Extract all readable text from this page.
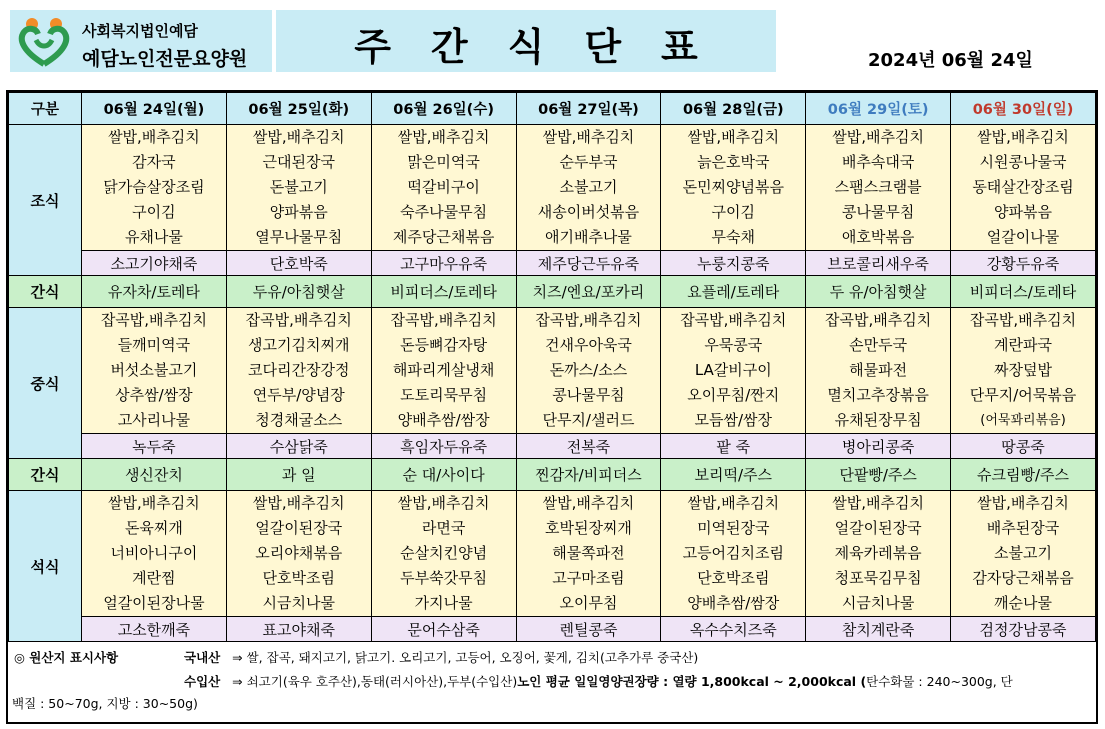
사회복지법인예담
예담노인전문요양원	주간식단표	2024년 06월 24일
구분	06월 24일(월)	06월 25일(화)	06월 26일(수)	06월 27일(목)	06월 28일(금)	06월 29일(토)	06월 30일(일)
조식	쌀밥,배추김치
감자국
닭가슴살장조림
구이김
유채나물	쌀밥,배추김치
근대된장국
돈불고기
양파볶음
열무나물무침	쌀밥,배추김치
맑은미역국
떡갈비구이
숙주나물무침
제주당근채볶음	쌀밥,배추김치
순두부국
소불고기
새송이버섯볶음
애기배추나물	쌀밥,배추김치
늙은호박국
돈민찌양념볶음
구이김
무숙채	쌀밥,배추김치
배추속대국
스팸스크램블
콩나물무침
애호박볶음	쌀밥,배추김치
시원콩나물국
동태살간장조림
양파볶음
얼갈이나물

	소고기야채죽	단호박죽	고구마우유죽	제주당근두유죽	누룽지콩죽	브로콜리새우죽	강황두유죽
간식	유자차/토레타	두유/아침햇살	비피더스/토레타	치즈/엔요/포카리	요플레/토레타	두 유/아침햇살	비피더스/토레타
중식	잡곡밥,배추김치
들깨미역국
버섯소불고기
상추쌈/쌈장
고사리나물	잡곡밥,배추김치
생고기김치찌개
코다리간장강정
연두부/양념장
청경채굴소스	잡곡밥,배추김치
돈등뼈감자탕
해파리게살냉채
도토리묵무침
양배추쌈/쌈장	잡곡밥,배추김치
건새우아욱국
돈까스/소스
콩나물무침
단무지/샐러드	잡곡밥,배추김치
우묵콩국
LA갈비구이
오이무침/짠지
모듬쌈/쌈장	잡곡밥,배추김치
손만두국
해물파전
멸치고추장볶음
유채된장무침	잡곡밥,배추김치
계란파국
짜장덮밥
단무지/어묵볶음
(어묵꽈리볶음)

	녹두죽	수삼닭죽	흑임자두유죽	전복죽	팥 죽	병아리콩죽	땅콩죽
간식	생신잔치	과 일	순 대/사이다	찐감자/비피더스	보리떡/주스	단팥빵/주스	슈크림빵/주스
석식	쌀밥,배추김치
돈육찌개
너비아니구이
계란찜
얼갈이된장나물	쌀밥,배추김치
얼갈이된장국
오리야채볶음
단호박조림
시금치나물	쌀밥,배추김치
라면국
순살치킨양념
두부쑥갓무침
가지나물	쌀밥,배추김치
호박된장찌개
해물쪽파전
고구마조림
오이무침	쌀밥,배추김치
미역된장국
고등어김치조림
단호박조림
양배추쌈/쌈장	쌀밥,배추김치
얼갈이된장국
제육카레볶음
청포묵김무침
시금치나물	쌀밥,배추김치
배추된장국
소불고기
감자당근채볶음
깨순나물

	고소한깨죽	표고야채죽	문어수삼죽	렌틸콩죽	옥수수치즈죽	참치계란죽	검정강남콩죽
◎ 원산지 표시사항	국내산 ⇒ 쌀, 잡곡, 돼지고기, 닭고기. 오리고기, 고등어, 오징어, 꽃게, 김치(고추가루 중국산)
수입산 ⇒ 쇠고기(육우 호주산),동태(러시아산),두부(수입산)노인 평균 일일영양권장량 : 열량 1,800kcal ~ 2,000kcal (탄수화물 : 240~300g, 단
백질 : 50~70g, 지방 : 30~50g)
